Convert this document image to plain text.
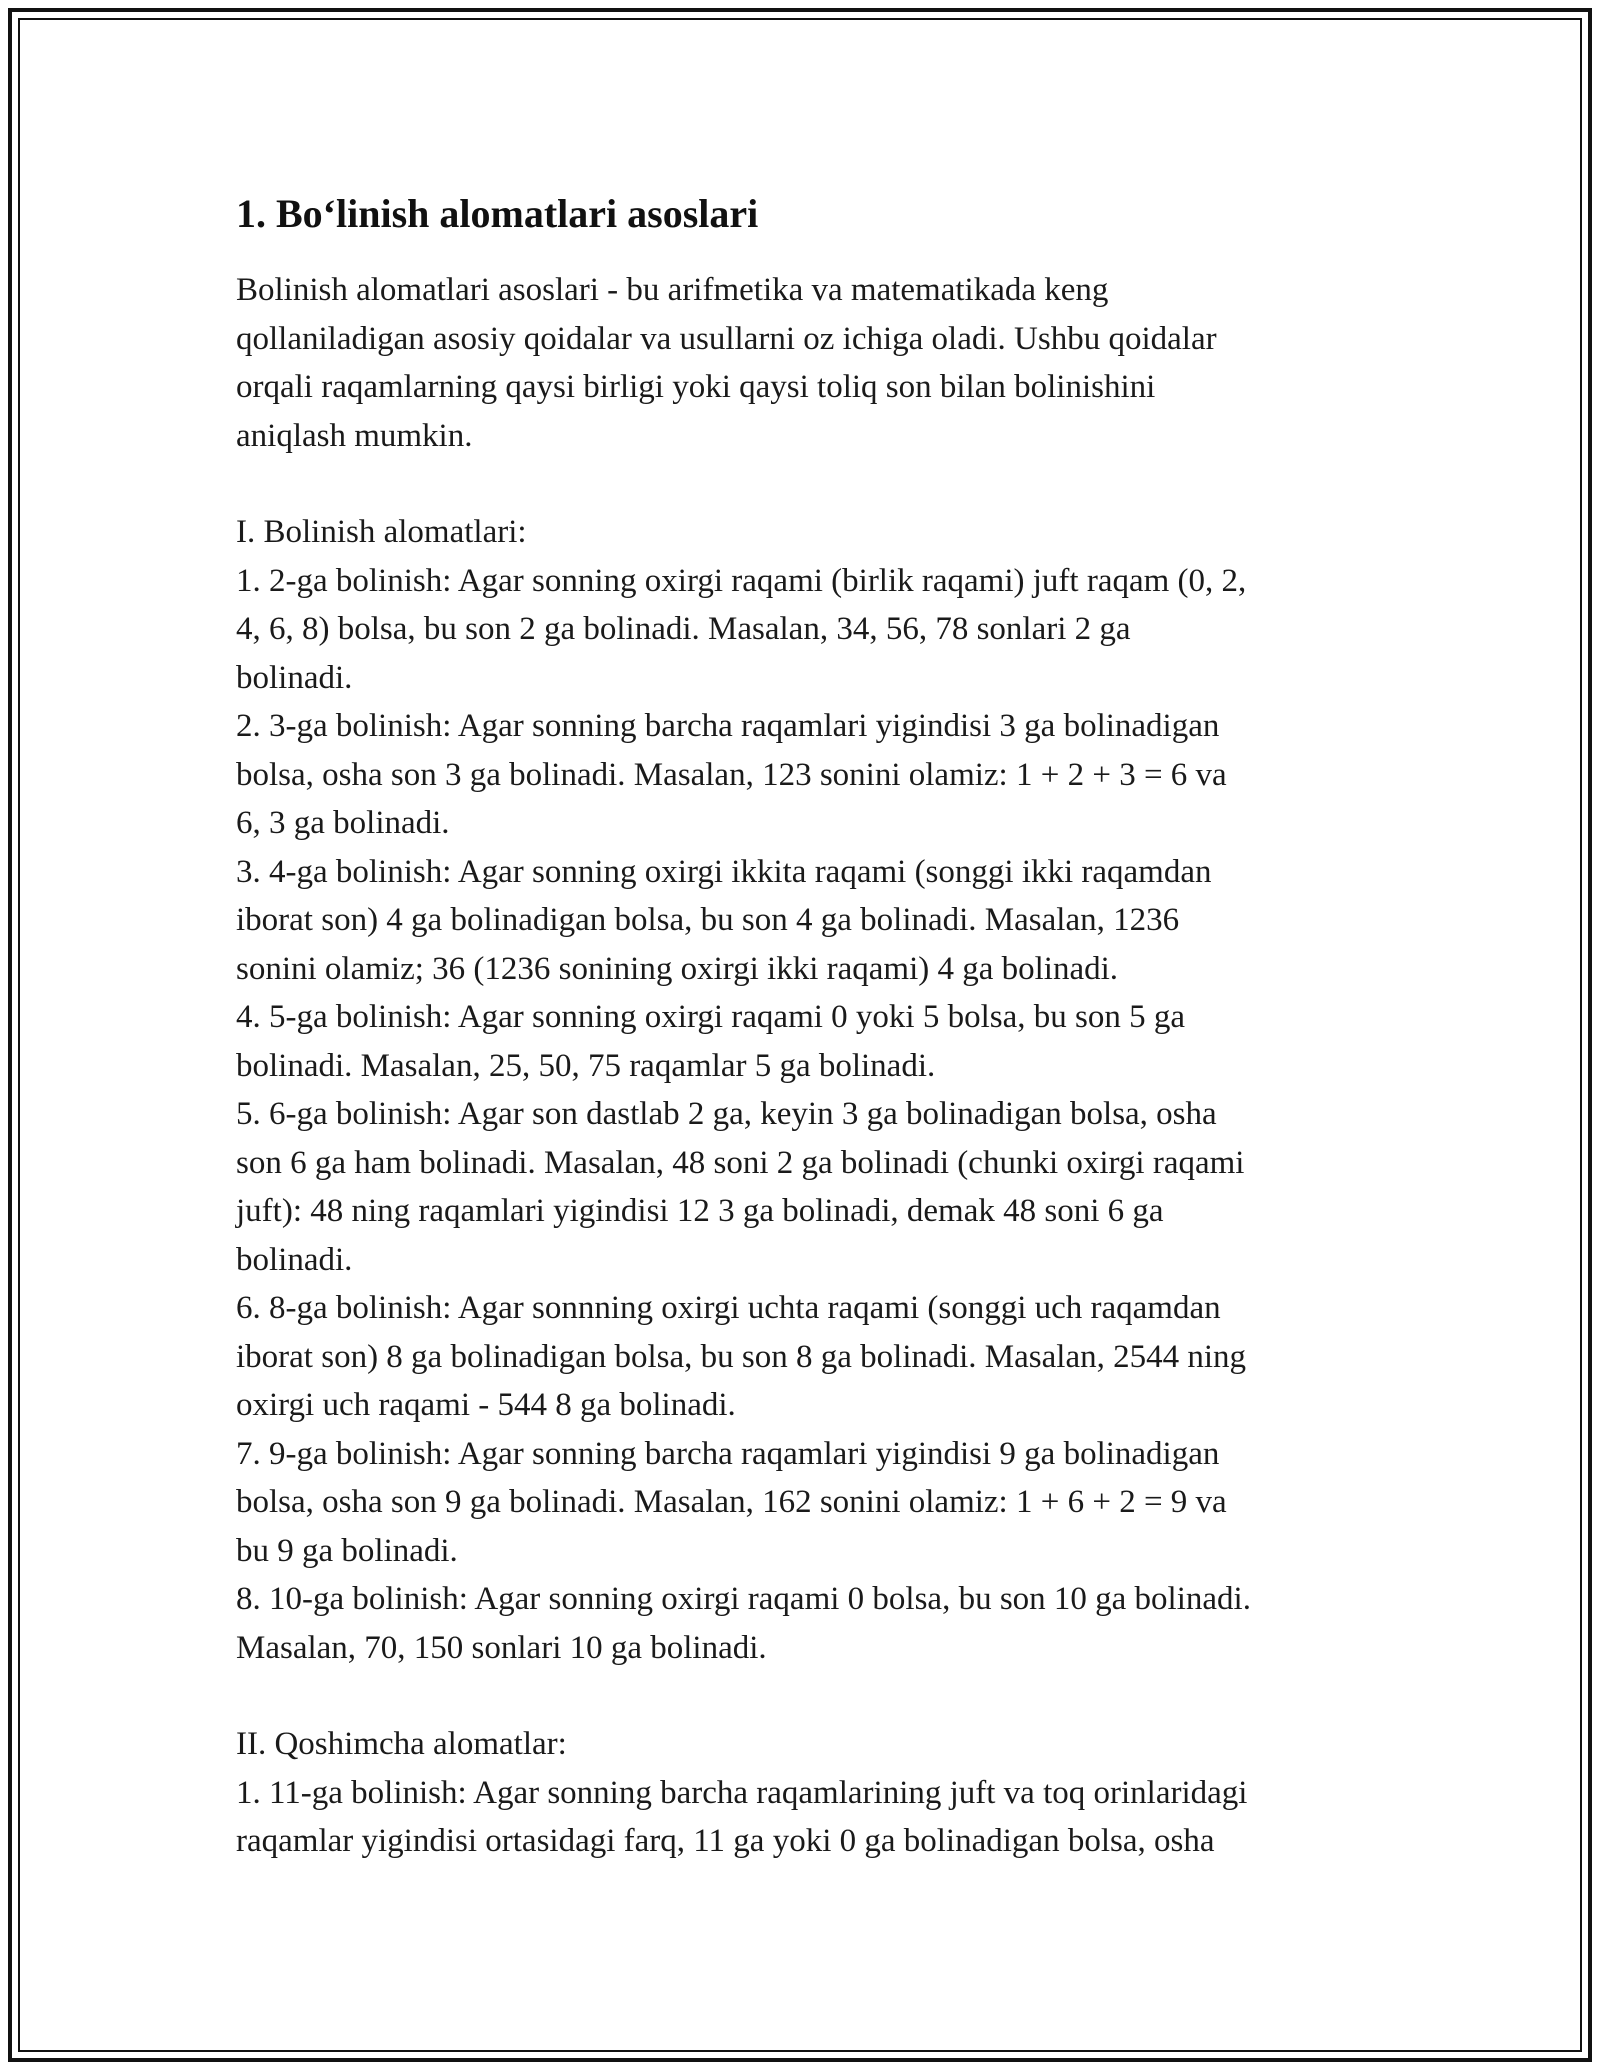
1. Bo‘linish alomatlari asoslari

Bolinish alomatlari asoslari - bu arifmetika va matematikada keng
qollaniladigan asosiy qoidalar va usullarni oz ichiga oladi. Ushbu qoidalar
orqali raqamlarning qaysi birligi yoki qaysi toliq son bilan bolinishini
aniqlash mumkin.

I. Bolinish alomatlari:

1. 2-ga bolinish: Agar sonning oxirgi raqami (birlik raqami) juft raqam (0, 2,
4, 6, 8) bolsa, bu son 2 ga bolinadi. Masalan, 34, 56, 78 sonlari 2 ga
bolinadi.

2. 3-ga bolinish: Agar sonning barcha raqamlari yigindisi 3 ga bolinadigan
bolsa, osha son 3 ga bolinadi. Masalan, 123 sonini olamiz: 1 + 2 + 3 = 6 va
6, 3 ga bolinadi.

3. 4-ga bolinish: Agar sonning oxirgi ikkita raqami (songgi ikki raqamdan
iborat son) 4 ga bolinadigan bolsa, bu son 4 ga bolinadi. Masalan, 1236
sonini olamiz; 36 (1236 sonining oxirgi ikki raqami) 4 ga bolinadi.

4. 5-ga bolinish: Agar sonning oxirgi raqami 0 yoki 5 bolsa, bu son 5 ga
bolinadi. Masalan, 25, 50, 75 raqamlar 5 ga bolinadi.

5. 6-ga bolinish: Agar son dastlab 2 ga, keyin 3 ga bolinadigan bolsa, osha
son 6 ga ham bolinadi. Masalan, 48 soni 2 ga bolinadi (chunki oxirgi raqami
juft): 48 ning raqamlari yigindisi 12 3 ga bolinadi, demak 48 soni 6 ga
bolinadi.

6. 8-ga bolinish: Agar sonnning oxirgi uchta raqami (songgi uch raqamdan
iborat son) 8 ga bolinadigan bolsa, bu son 8 ga bolinadi. Masalan, 2544 ning
oxirgi uch raqami - 544 8 ga bolinadi.

7. 9-ga bolinish: Agar sonning barcha raqamlari yigindisi 9 ga bolinadigan
bolsa, osha son 9 ga bolinadi. Masalan, 162 sonini olamiz: 1 + 6 + 2 = 9 va
bu 9 ga bolinadi.

8. 10-ga bolinish: Agar sonning oxirgi raqami 0 bolsa, bu son 10 ga bolinadi.
Masalan, 70, 150 sonlari 10 ga bolinadi.

II. Qoshimcha alomatlar:

1. 11-ga bolinish: Agar sonning barcha raqamlarining juft va toq orinlaridagi
raqamlar yigindisi ortasidagi farq, 11 ga yoki 0 ga bolinadigan bolsa, osha
